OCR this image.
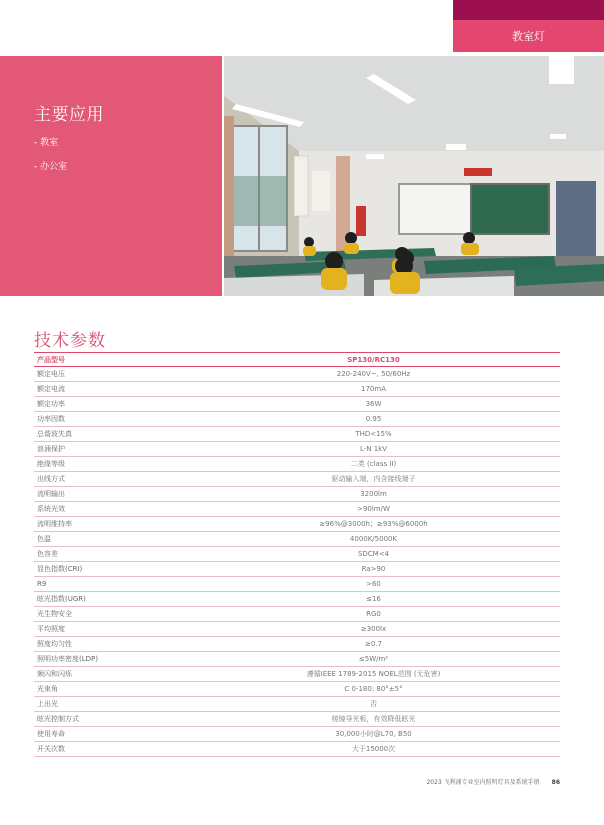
教室灯
主要应用
- 教室
- 办公室
技术参数
产品型号	SP130/RC130
额定电压	220-240V~, 50/60Hz
额定电流	170mA
额定功率	36W
功率因数	0.95
总谐波失真	THD<15%
浪涌保护	L-N 1kV
绝缘等级	二类 (class II)
出线方式	驱动输入端，内含接线端子
流明输出	3200lm
系统光效	>90lm/W
流明维持率	≥96%@3000h；≥93%@6000h
色温	4000K/5000K
色容差	SDCM<4
显色指数(CRI)	Ra>90
R9	>60
眩光指数(UGR)	≤16
光生物安全	RG0
平均照度	≥300lx
照度均匀性	≥0.7
照明功率密度(LDP)	≤5W/m²
频闪和闪烁	遵循IEEE 1789-2015 NOEL范围 (无危害)
光束角	C 0-180: 80°±5°
上出光	否
眩光控制方式	棱镜导光板，有效降低眩光
使用寿命	30,000小时@L70, B50
开关次数	大于15000次
2023 飞利浦专业室内照明灯具及系统手册 86
